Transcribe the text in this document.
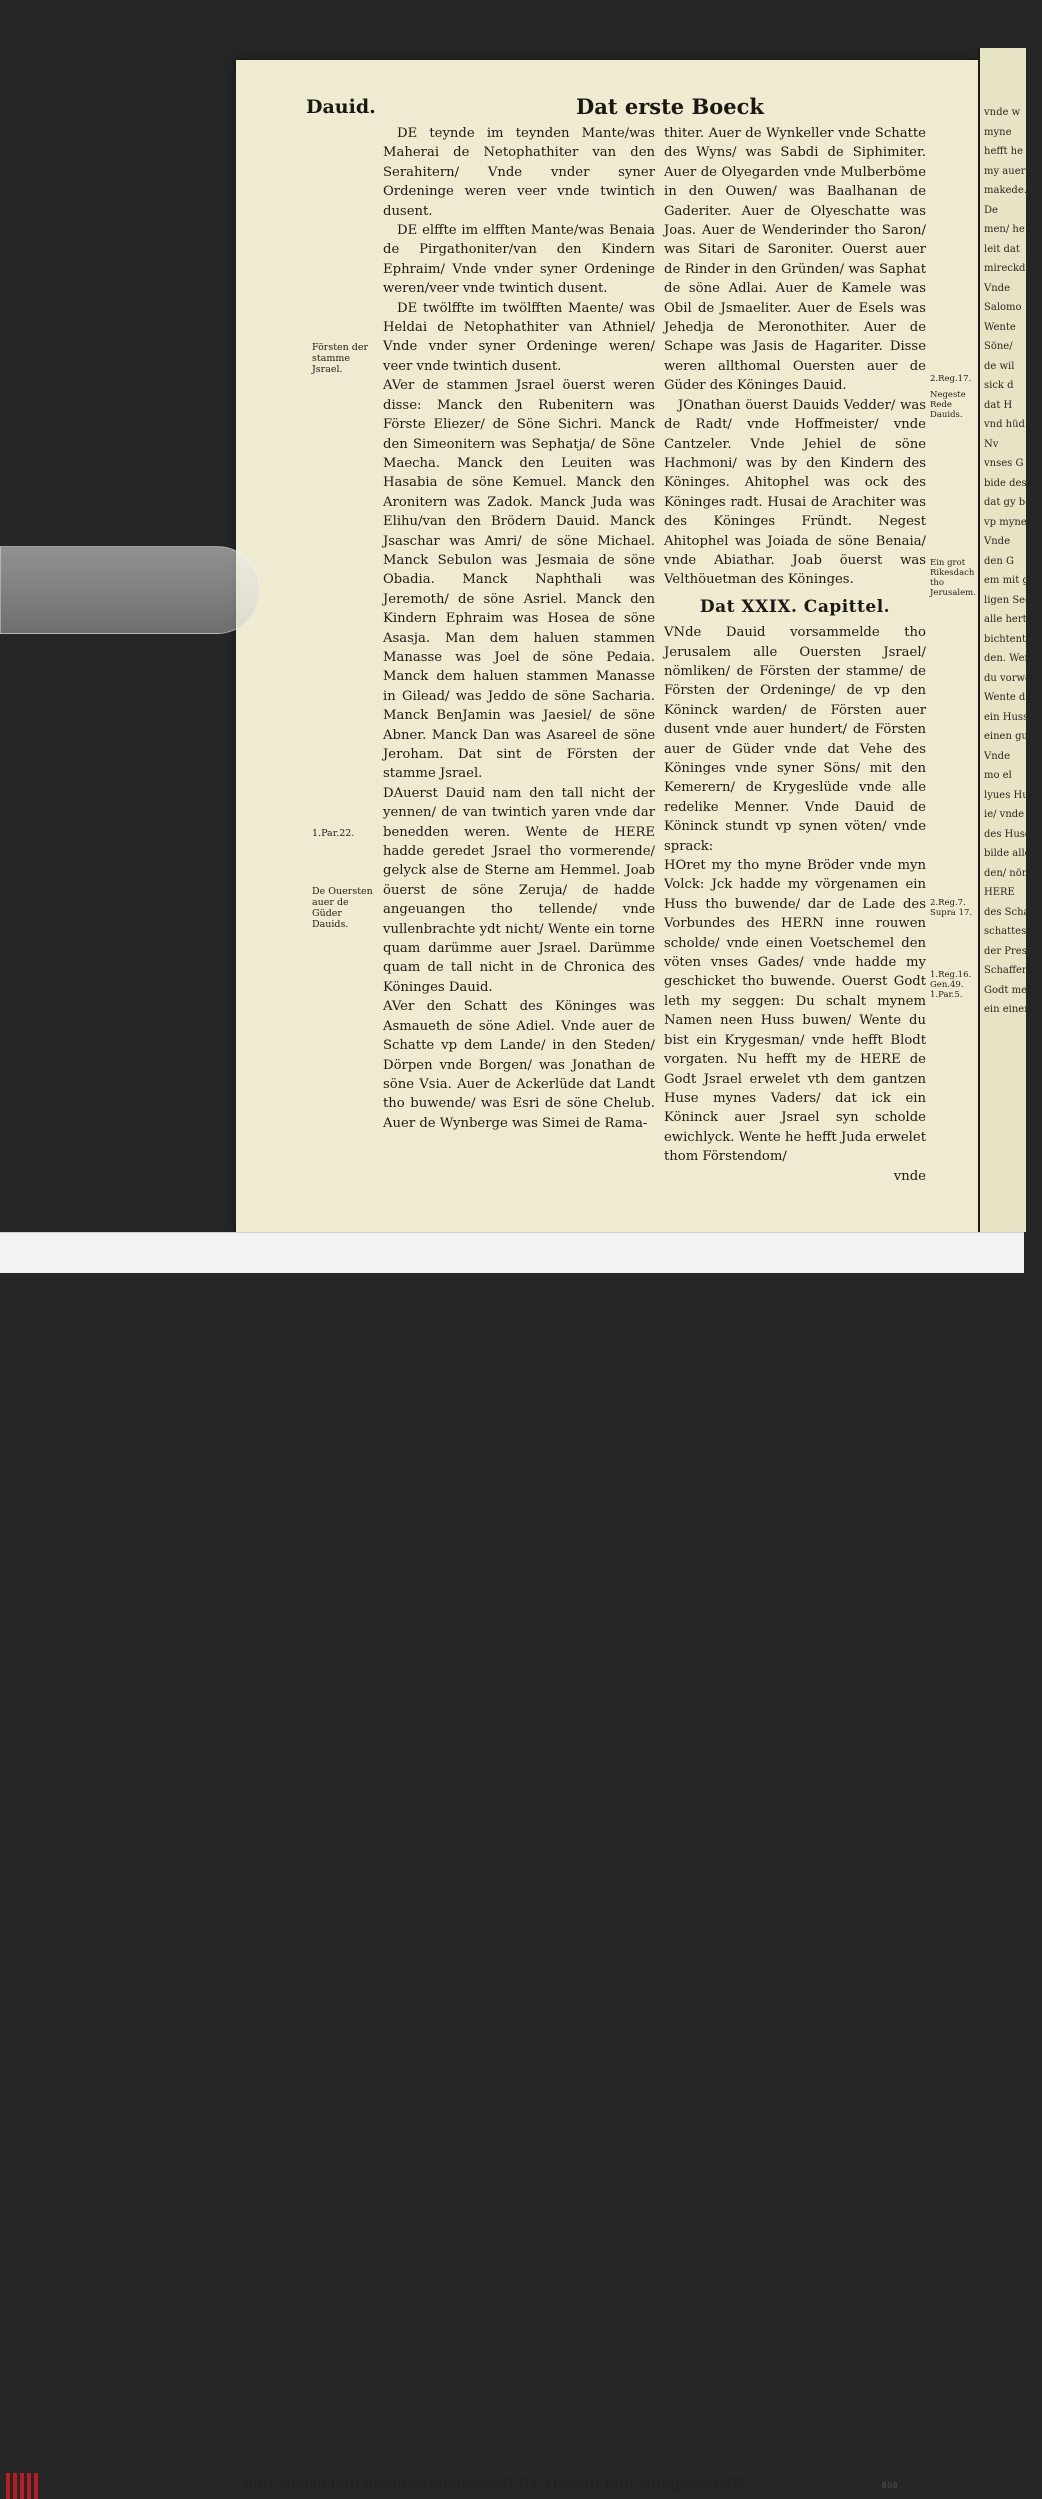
Dauid.	Dat erste Boeck

DE teynde im teynden Mante/was Maherai de Netophathiter van den Serahitern/ Vnde vnder syner Ordeninge weren veer vnde twintich dusent.

DE elffte im elfften Mante/was Benaia de Pirgathoniter/van den Kindern Ephraim/ Vnde vnder syner Ordeninge weren/veer vnde twintich dusent.

DE twölffte im twölfften Maente/ was Heldai de Netophathiter van Athniel/ Vnde vnder syner Ordeninge weren/ veer vnde twintich dusent.

AVer de stammen Jsrael öuerst weren disse: Manck den Rubenitern was Förste Eliezer/ de Söne Sichri. Manck den Simeonitern was Sephatja/ de Söne Maecha. Manck den Leuiten was Hasabia de söne Kemuel. Manck den Aronitern was Zadok. Manck Juda was Elihu/van den Brödern Dauid. Manck Jsaschar was Amri/ de söne Michael. Manck Sebulon was Jesmaia de söne Obadia. Manck Naphthali was Jeremoth/ de söne Asriel. Manck den Kindern Ephraim was Hosea de söne Asasja. Man dem haluen stammen Manasse was Joel de söne Pedaia. Manck dem haluen stammen Manasse in Gilead/ was Jeddo de söne Sacharia. Manck BenJamin was Jaesiel/ de söne Abner. Manck Dan was Asareel de söne Jeroham. Dat sint de Försten der stamme Jsrael.

DAuerst Dauid nam den tall nicht der yennen/ de van twintich yaren vnde dar benedden weren. Wente de HERE hadde geredet Jsrael tho vormerende/ gelyck alse de Sterne am Hemmel. Joab öuerst de söne Zeruja/ de hadde angeuangen tho tellende/ vnde vullenbrachte ydt nicht/ Wente ein torne quam darümme auer Jsrael. Darümme quam de tall nicht in de Chronica des Köninges Dauid.

AVer den Schatt des Köninges was Asmaueth de söne Adiel. Vnde auer de Schatte vp dem Lande/ in den Steden/ Dörpen vnde Borgen/ was Jonathan de söne Vsia. Auer de Ackerlüde dat Landt tho buwende/ was Esri de söne Chelub. Auer de Wynberge was Simei de Rama-

thiter. Auer de Wynkeller vnde Schatte des Wyns/ was Sabdi de Siphimiter. Auer de Olyegarden vnde Mulberböme in den Ouwen/ was Baalhanan de Gaderiter. Auer de Olyeschatte was Joas. Auer de Wenderinder tho Saron/ was Sitari de Saroniter. Ouerst auer de Rinder in den Gründen/ was Saphat de söne Adlai. Auer de Kamele was Obil de Jsmaeliter. Auer de Esels was Jehedja de Meronothiter. Auer de Schape was Jasis de Hagariter. Disse weren allthomal Ouersten auer de Güder des Köninges Dauid.

JOnathan öuerst Dauids Vedder/ was de Radt/ vnde Hoffmeister/ vnde Cantzeler. Vnde Jehiel de söne Hachmoni/ was by den Kindern des Köninges. Ahitophel was ock des Köninges radt. Husai de Arachiter was des Köninges Fründt. Negest Ahitophel was Joiada de söne Benaia/ vnde Abiathar. Joab öuerst was Velthöuetman des Köninges.

Dat XXIX. Capittel.

VNde Dauid vorsammelde tho Jerusalem alle Ouersten Jsrael/ nömliken/ de Försten der stamme/ de Försten der Ordeninge/ de vp den Köninck warden/ de Försten auer dusent vnde auer hundert/ de Försten auer de Güder vnde dat Vehe des Köninges vnde syner Söns/ mit den Kemerern/ de Krygeslüde vnde alle redelike Menner. Vnde Dauid de Köninck stundt vp synen vöten/ vnde sprack:

HOret my tho myne Bröder vnde myn Volck: Jck hadde my vörgenamen ein Huss tho buwende/ dar de Lade des Vorbundes des HERN inne rouwen scholde/ vnde einen Voetschemel den vöten vnses Gades/ vnde hadde my geschicket tho buwende. Ouerst Godt leth my seggen: Du schalt mynem Namen neen Huss buwen/ Wente du bist ein Krygesman/ vnde hefft Blodt vorgaten. Nu hefft my de HERE de Godt Jsrael erwelet vth dem gantzen Huse mynes Vaders/ dat ick ein Köninck auer Jsrael syn scholde ewichlyck. Wente he hefft Juda erwelet thom Förstendom/

vnde

Försten der stamme Jsrael.
1.Par.22.
De Ouersten auer de Güder Dauids.
2.Reg.17.
Negeste Rede Dauids.
Ein grot Rikesdach tho Jerusalem.
2.Reg.7. Supra 17.
1.Reg.16. Gen.49. 1.Par.5.
vnde w
myne
hefft he
my auer
makede.
De
men/ he
leit dat
mireckde
Vnde
Salomo
Wente
Söne/
de wil
sick d
dat H
vnd hüd
Nv
vnses G
bide des
dat gy be
vp myne
Vnde
den G
em mit ga
ligen See
alle herte
bichtent.
den. Wer
du vorwer
Wente de
ein Huss
einen gude
Vnde
mo el
lyues Hu
ie/ vnde
des Huses
bilde alle
den/ nömli
HERE
des Schatt
schattes
der Pres
Schaffer de
Godt me
ein einen
http://diglib.hab.de/drucke/bibel-s-4f-84-1b/start.htm?image=00502	808
